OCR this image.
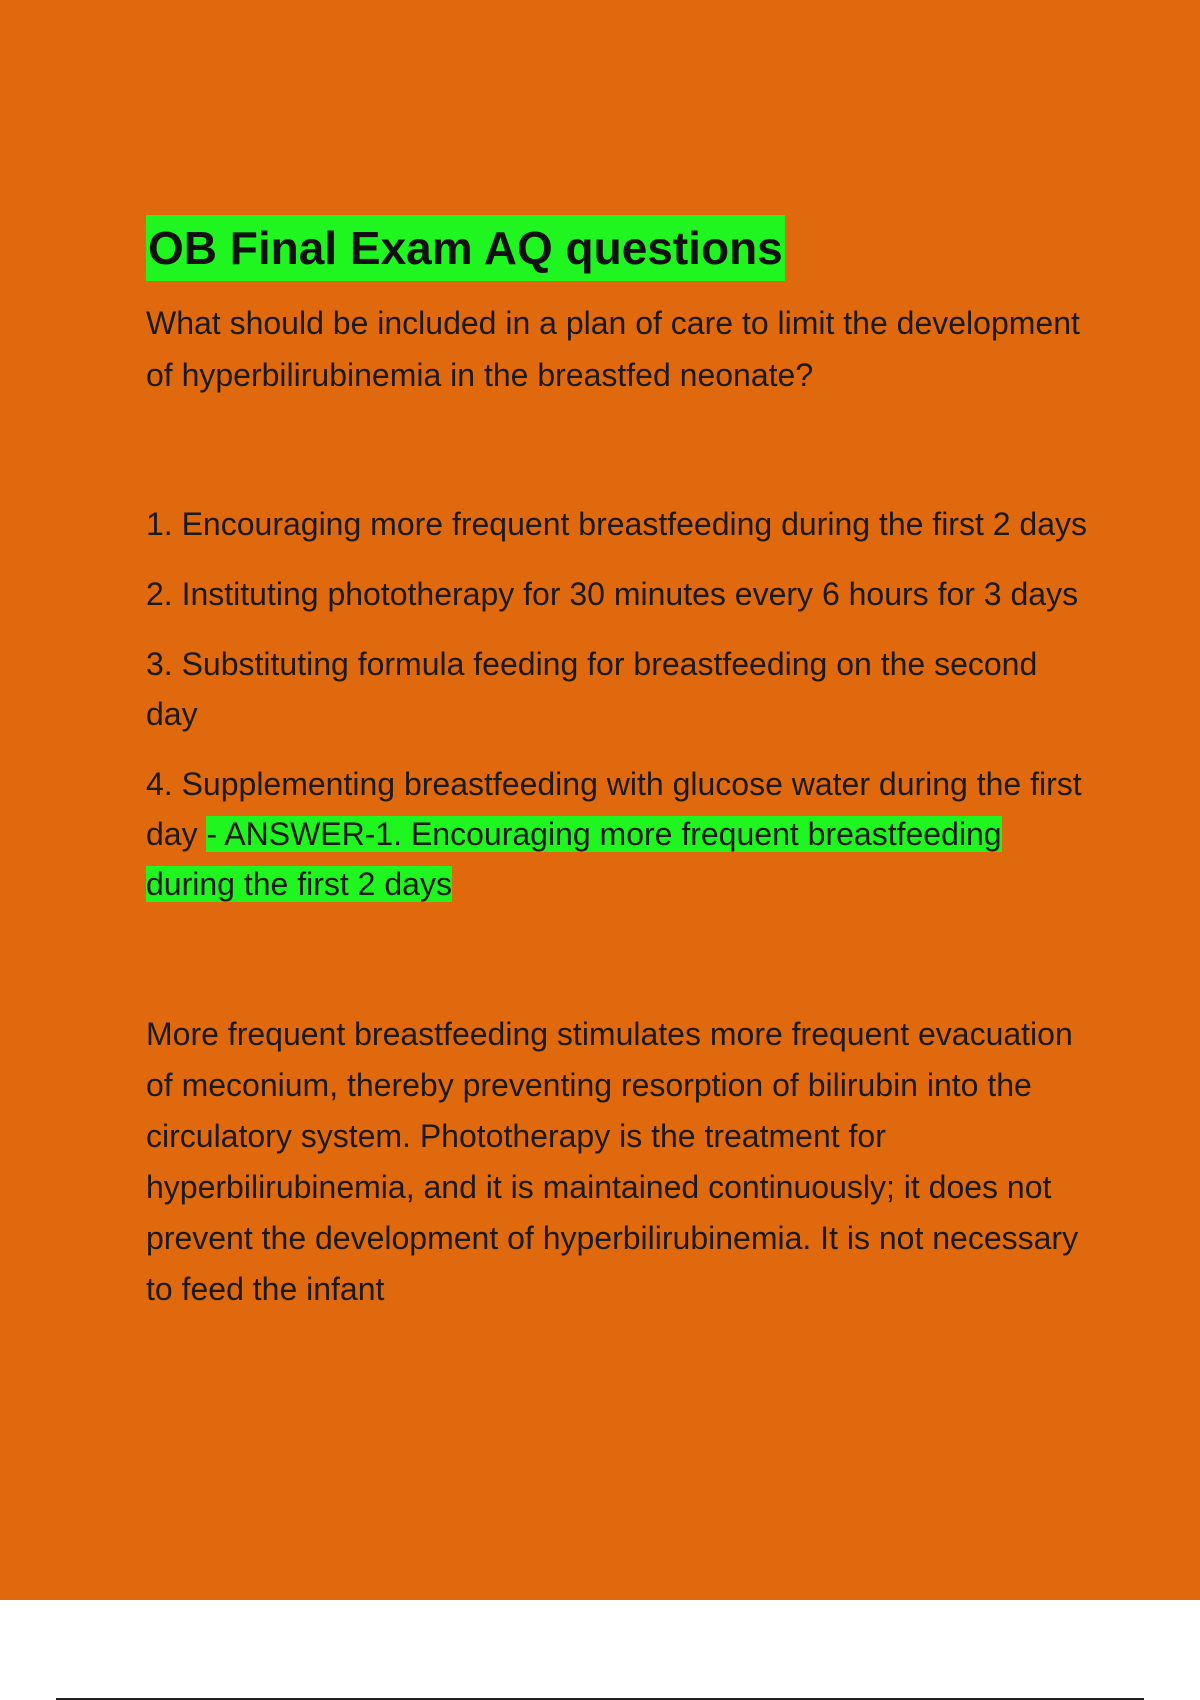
OB Final Exam AQ questions

What should be included in a plan of care to limit the development of hyperbilirubinemia in the breastfed neonate?

1. Encouraging more frequent breastfeeding during the first 2 days

2. Instituting phototherapy for 30 minutes every 6 hours for 3 days

3. Substituting formula feeding for breastfeeding on the second day

4. Supplementing breastfeeding with glucose water during the first day - ANSWER-1. Encouraging more frequent breastfeeding during the first 2 days

More frequent breastfeeding stimulates more frequent evacuation of meconium, thereby preventing resorption of bilirubin into the circulatory system. Phototherapy is the treatment for hyperbilirubinemia, and it is maintained continuously; it does not prevent the development of hyperbilirubinemia. It is not necessary to feed the infant
